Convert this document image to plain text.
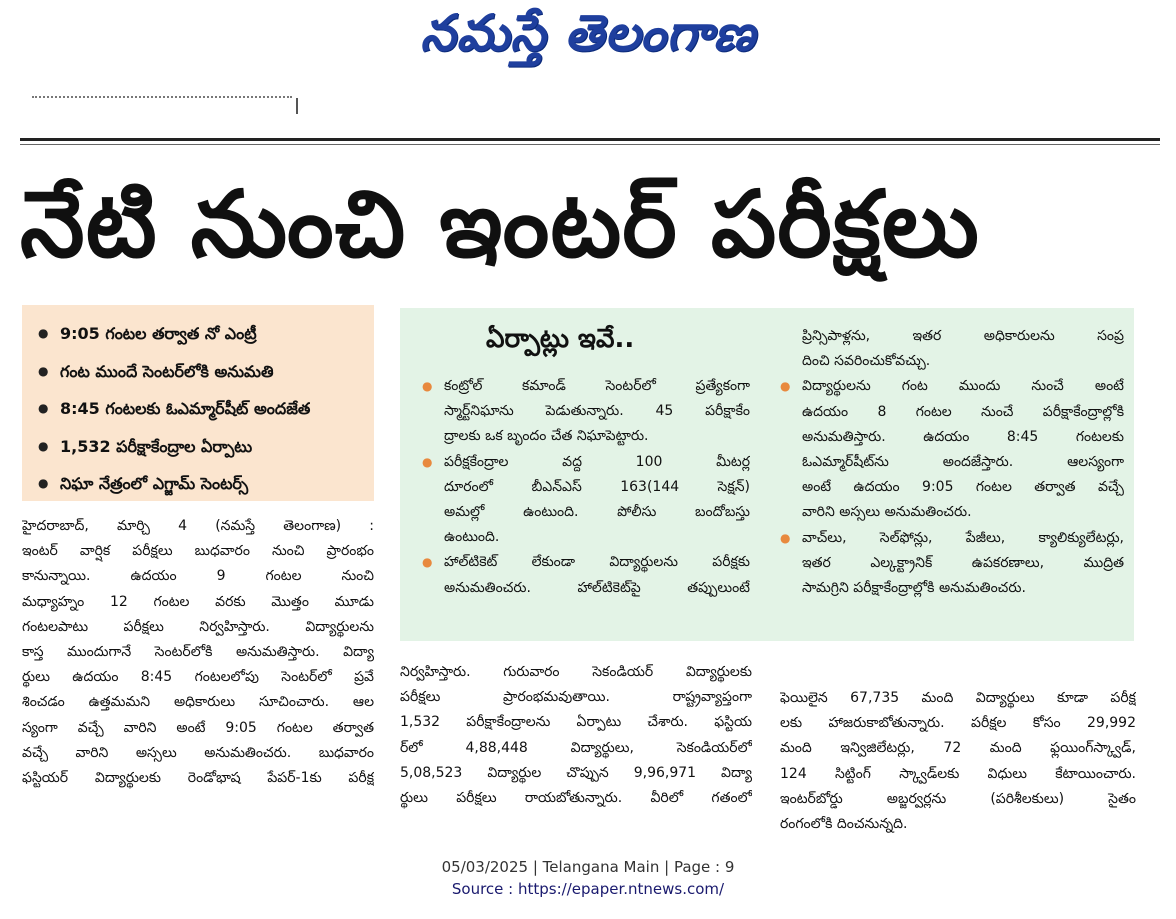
నమస్తే తెలంగాణ
నేటి నుంచి ఇంటర్ పరీక్షలు
● 9:05 గంటల తర్వాత నో ఎంట్రీ
● గంట ముందే సెంటర్‌లోకి అనుమతి
● 8:45 గంటలకు ఓఎమ్మార్‌షీట్ అందజేత
● 1,532 పరీక్షాకేంద్రాల ఏర్పాటు
● నిఘా నేత్రంలో ఎగ్జామ్ సెంటర్స్
ఏర్పాట్లు ఇవే..
● కంట్రోల్ కమాండ్ సెంటర్‌లో ప్రత్యేకంగా
స్మార్ట్‌నిఘాను పెడుతున్నారు. 45 పరీక్షాకేం
ద్రాలకు ఒక బృందం చేత నిఘాపెట్టారు.
● పరీక్షకేంద్రాల వద్ద 100 మీటర్ల
దూరంలో బీఎన్‌ఎస్ 163(144 సెక్షన్)
అమల్లో ఉంటుంది. పోలీసు బందోబస్తు
ఉంటుంది.
● హాల్‌టికెట్ లేకుండా విద్యార్థులను పరీక్షకు
అనుమతించరు. హాల్‌టికెట్‌పై తప్పులుంటే
ప్రిన్సిపాళ్లను, ఇతర అధికారులను సంప్ర
దించి సవరించుకోవచ్చు.
● విద్యార్థులను గంట ముందు నుంచే అంటే
ఉదయం 8 గంటల నుంచే పరీక్షాకేంద్రాల్లోకి
అనుమతిస్తారు. ఉదయం 8:45 గంటలకు
ఓఎమ్మార్‌షీట్‌ను అందజేస్తారు. ఆలస్యంగా
అంటే ఉదయం 9:05 గంటల తర్వాత వచ్చే
వారిని అస్సలు అనుమతించరు.
● వాచ్‌లు, సెల్‌ఫోన్లు, పేజీలు, క్యాలిక్యులేటర్లు,
ఇతర ఎల్కక్ట్రానిక్ ఉపకరణాలు, ముద్రిత
సామగ్రిని పరీక్షాకేంద్రాల్లోకి అనుమతించరు.
హైదరాబాద్, మార్చి 4 (నమస్తే తెలంగాణ) :
ఇంటర్ వార్షిక పరీక్షలు బుధవారం నుంచి ప్రారంభం
కానున్నాయి. ఉదయం 9 గంటల నుంచి
మధ్యాహ్నం 12 గంటల వరకు మొత్తం మూడు
గంటలపాటు పరీక్షలు నిర్వహిస్తారు. విద్యార్థులను
కాస్త ముందుగానే సెంటర్‌లోకి అనుమతిస్తారు. విద్యా
ర్థులు ఉదయం 8:45 గంటలలోపు సెంటర్‌లో ప్రవే
శించడం ఉత్తమమని అధికారులు సూచించారు. ఆల
స్యంగా వచ్చే వారిని అంటే 9:05 గంటల తర్వాత
వచ్చే వారిని అస్సలు అనుమతించరు. బుధవారం
ఫస్టియర్ విద్యార్థులకు రెండోభాష పేపర్-1కు పరీక్ష
నిర్వహిస్తారు. గురువారం సెకండియర్ విద్యార్థులకు
పరీక్షలు ప్రారంభమవుతాయి. రాష్ట్రవ్యాప్తంగా
1,532 పరీక్షాకేంద్రాలను ఏర్పాటు చేశారు. ఫస్టియ
ర్‌లో 4,88,448 విద్యార్థులు, సెకండియర్‌లో
5,08,523 విద్యార్థుల చొప్పున 9,96,971 విద్యా
ర్థులు పరీక్షలు రాయబోతున్నారు. వీరిలో గతంలో
ఫెయిలైన 67,735 మంది విద్యార్థులు కూడా పరీక్ష
లకు హాజరుకాబోతున్నారు. పరీక్షల కోసం 29,992
మంది ఇన్విజిలేటర్లు, 72 మంది ఫ్లయింగ్‌స్క్వాడ్,
124 సిట్టింగ్ స్క్వాడ్‌లకు విధులు కేటాయించారు.
ఇంటర్‌బోర్డు అబ్జర్వర్లను (పరిశీలకులు) సైతం
రంగంలోకి దించనున్నది.
05/03/2025 | Telangana Main | Page : 9
Source : https://epaper.ntnews.com/
